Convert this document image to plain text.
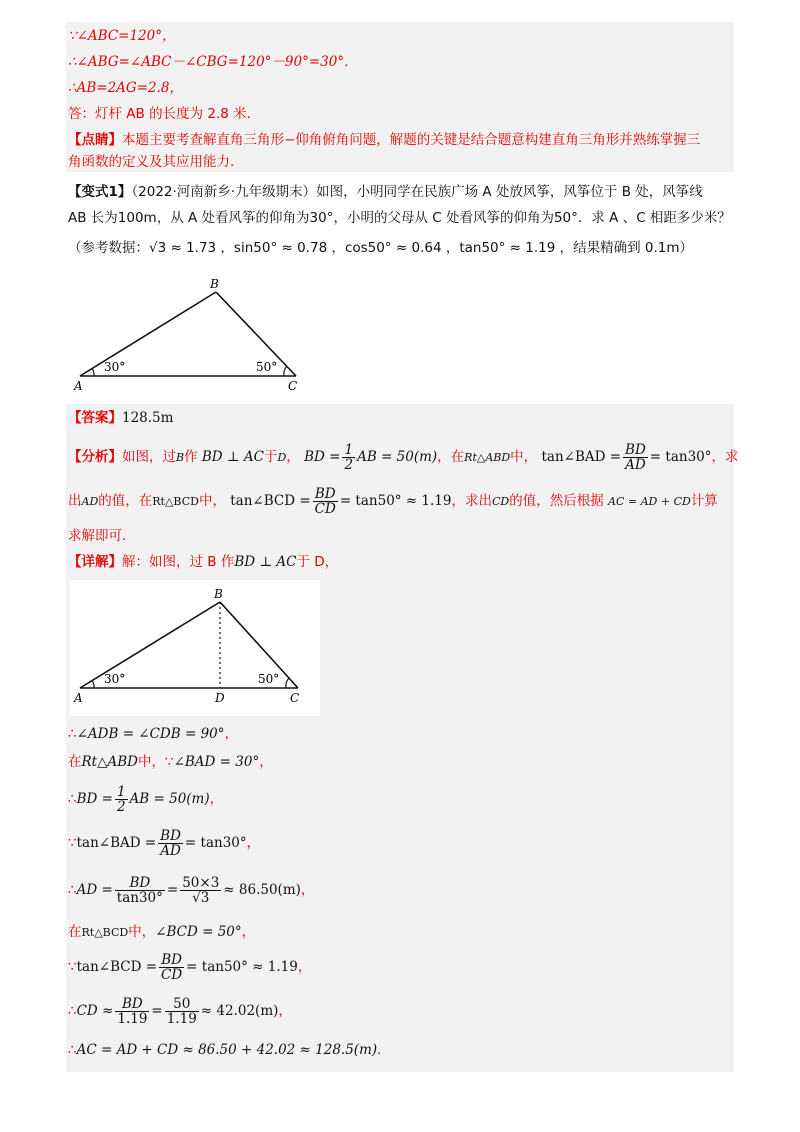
∵∠ABC=120°，
∴∠ABG=∠ABC－∠CBG=120°－90°=30°．
∴AB=2AG=2.8，
答：灯杆 AB 的长度为 2.8 米．
【点睛】本题主要考查解直角三角形−仰角俯角问题，解题的关键是结合题意构建直角三角形并熟练掌握三
角函数的定义及其应用能力．
【变式1】（2022·河南新乡·九年级期末）如图，小明同学在民族广场 A 处放风筝，风筝位于 B 处，风筝线
AB 长为100m，从 A 处看风筝的仰角为30°，小明的父母从 C 处看风筝的仰角为50°．求 A 、C 相距多少米？
（参考数据：√3 ≈ 1.73 ，sin50° ≈ 0.78 ，cos50° ≈ 0.64 ，tan50° ≈ 1.19 ，结果精确到 0.1m）
30°	50°
A
B
C
【答案】128.5m
【分析】如图，过B作 BD ⊥ AC于D， BD = $\frac{1}{2}$ AB = 50(m)，在Rt△ABD中， tan∠BAD = $\frac{BD}{AD} = \tan 30^\circ$，求
出AD的值，在Rt△BCD中， tan∠BCD = $\frac{BD}{CD} = \tan 50^\circ \approx 1.19$，求出CD的值，然后根据 AC = AD + CD计算
求解即可．
【详解】解：如图，过 B 作BD ⊥ AC于 D，
30°	50°
A
B
C
D
∴∠ADB = ∠CDB = 90°，
在Rt△ABD中，∵∠BAD = 30°，
∴BD = $\frac{1}{2}$ AB = 50(m)，
∵tan∠BAD = $\frac{BD}{AD} = \tan 30^\circ$，
∴AD = $\frac{BD}{\tan 30^\circ} = \frac{50\times 3}{√3} \approx 86.50(m)$，
在Rt△BCD中，∠BCD = 50°，
∵tan∠BCD = $\frac{BD}{CD} = \tan 50^\circ \approx 1.19$，
∴CD ≈ $\frac{BD}{1.19} = \frac{50}{1.19} \approx 42.02(m)$，
∴AC = AD + CD ≈ 86.50 + 42.02 ≈ 128.5(m)．
